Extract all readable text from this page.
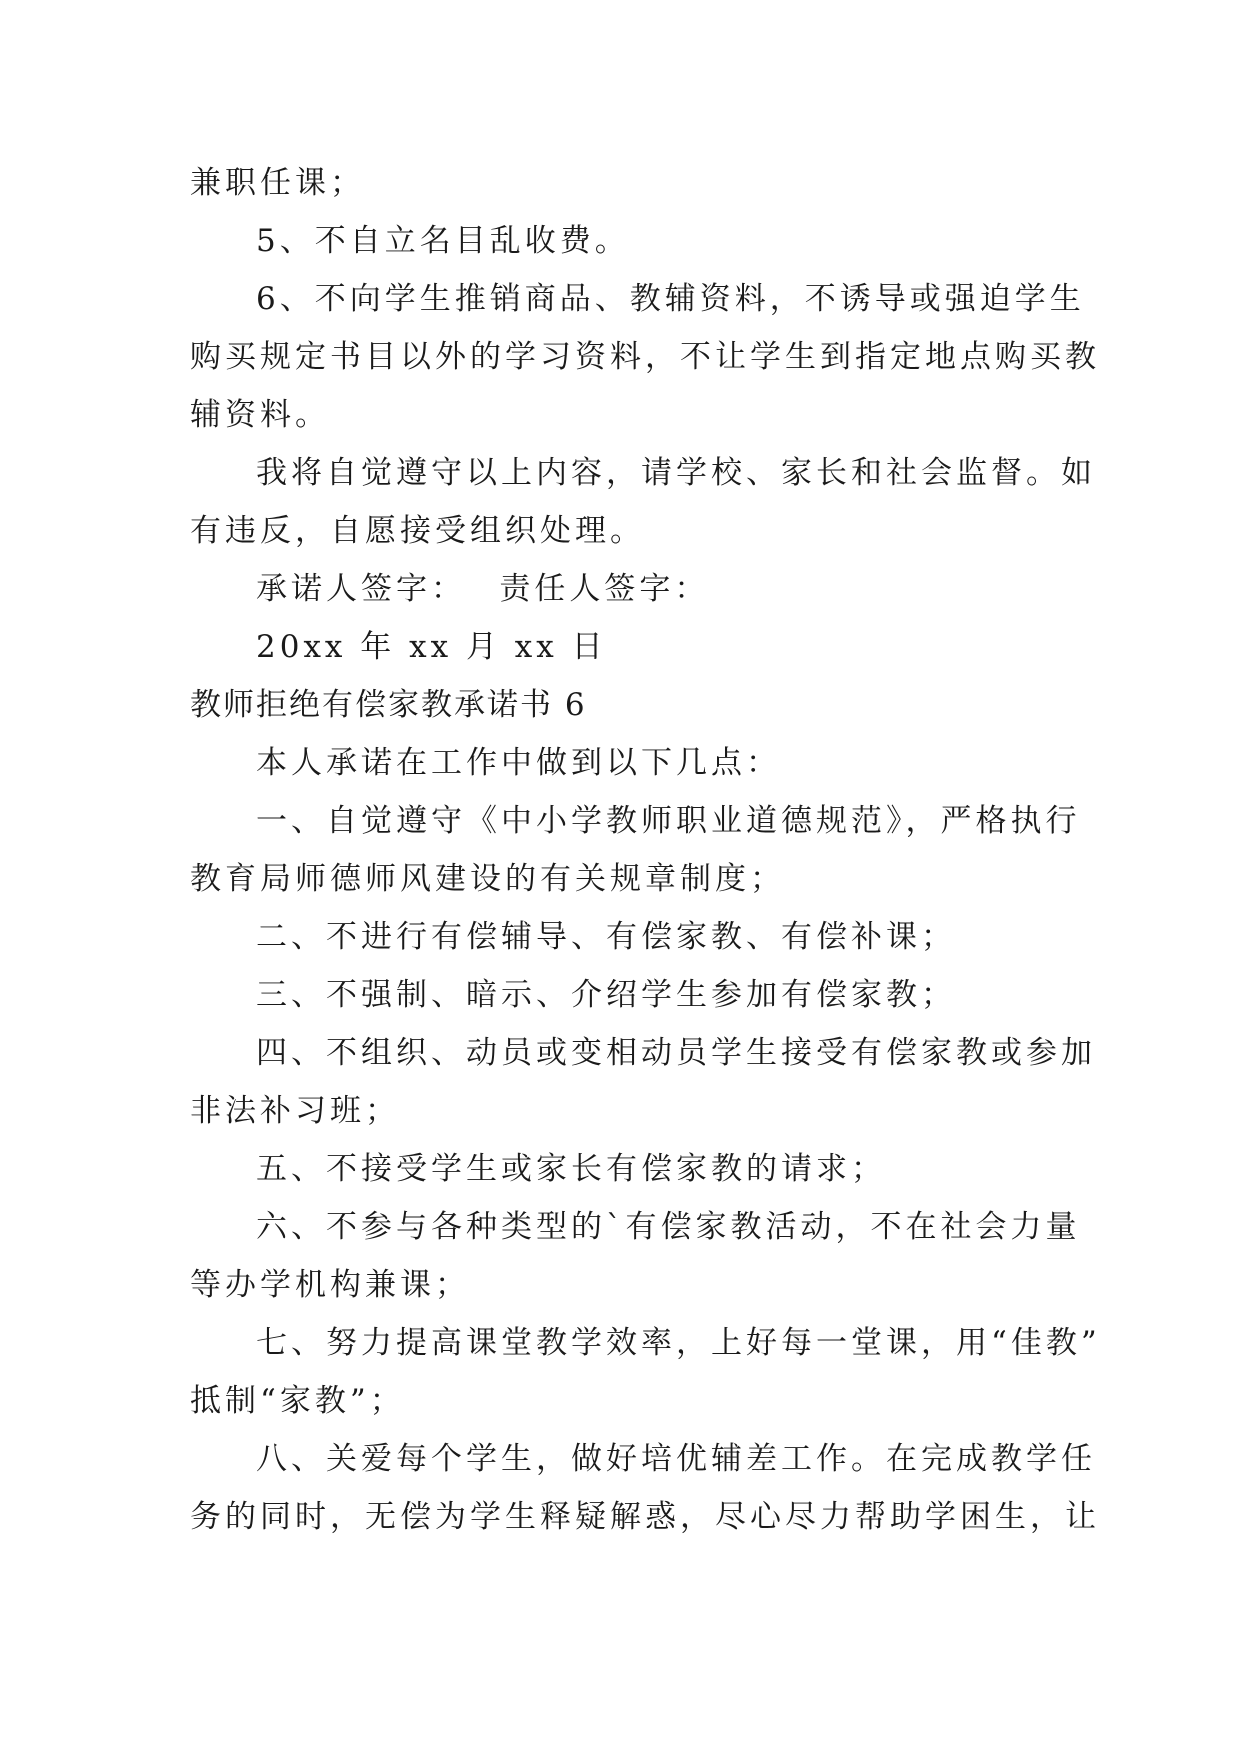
兼职任课；
5、不自立名目乱收费。
6、不向学生推销商品、教辅资料，不诱导或强迫学生
购买规定书目以外的学习资料，不让学生到指定地点购买教
辅资料。
我将自觉遵守以上内容，请学校、家长和社会监督。如
有违反，自愿接受组织处理。
承诺人签字：　 责任人签字：
20xx 年 xx 月 xx 日
教师拒绝有偿家教承诺书 6
本人承诺在工作中做到以下几点：
一、自觉遵守《中小学教师职业道德规范》，严格执行
教育局师德师风建设的有关规章制度；
二、不进行有偿辅导、有偿家教、有偿补课；
三、不强制、暗示、介绍学生参加有偿家教；
四、不组织、动员或变相动员学生接受有偿家教或参加
非法补习班；
五、不接受学生或家长有偿家教的请求；
六、不参与各种类型的`有偿家教活动，不在社会力量
等办学机构兼课；
七、努力提高课堂教学效率，上好每一堂课，用“佳教”
抵制“家教”；
八、关爱每个学生，做好培优辅差工作。在完成教学任
务的同时，无偿为学生释疑解惑，尽心尽力帮助学困生，让
